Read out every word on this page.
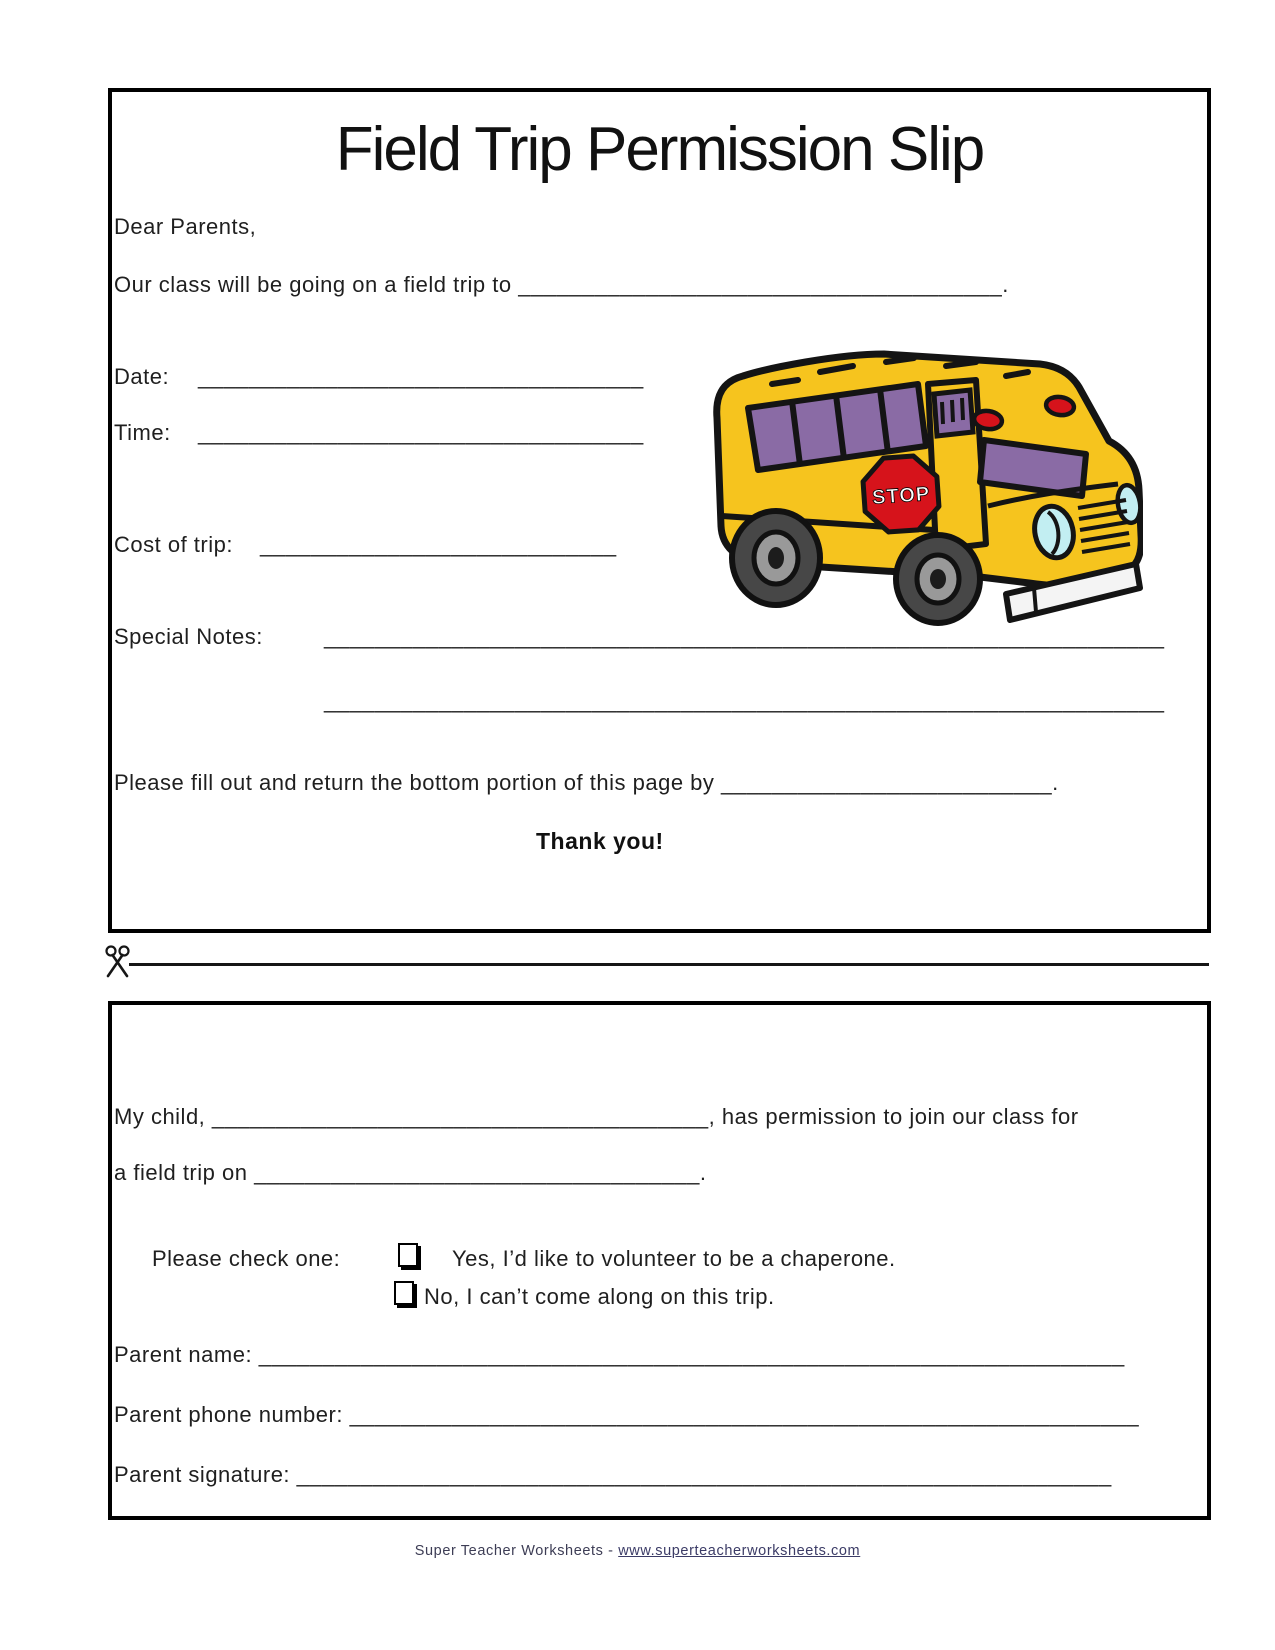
Field Trip Permission Slip
Dear Parents,
Our class will be going on a field trip to ______________________________________.
Date: ___________________________________
Time: ___________________________________
Cost of trip: ____________________________
Special Notes:	__________________________________________________________________
__________________________________________________________________
Please fill out and return the bottom portion of this page by __________________________.
Thank you!
STOP
My child, _______________________________________, has permission to join our class for
a field trip on ___________________________________.
Please check one:	Yes, I’d like to volunteer to be a chaperone.
No, I can’t come along on this trip.
Parent name: ____________________________________________________________________
Parent phone number: ______________________________________________________________
Parent signature: ________________________________________________________________
Super Teacher Worksheets - www.superteacherworksheets.com
